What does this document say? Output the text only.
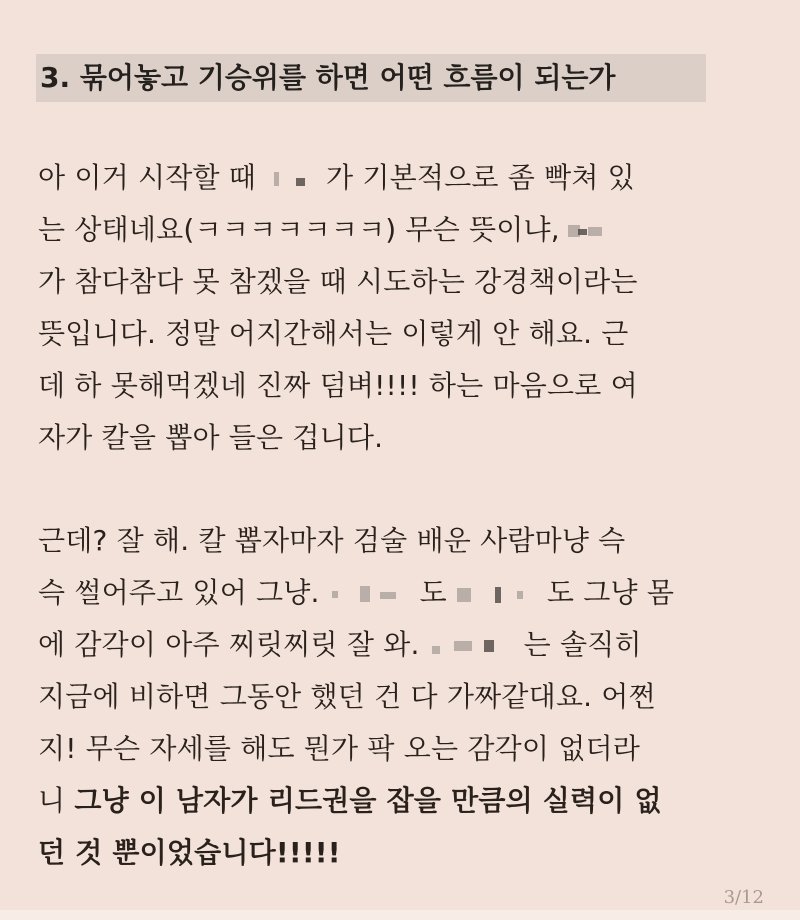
3. 묶어놓고 기승위를 하면 어떤 흐름이 되는가
아 이거 시작할 때	가 기본적으로 좀 빡쳐 있
는 상태네요(ㅋㅋㅋㅋㅋㅋㅋ) 무슨 뜻이냐,
가 참다참다 못 참겠을 때 시도하는 강경책이라는
뜻입니다. 정말 어지간해서는 이렇게 안 해요. 근
데 하 못해먹겠네 진짜 덤벼!!!! 하는 마음으로 여
자가 칼을 뽑아 들은 겁니다.
근데? 잘 해. 칼 뽑자마자 검술 배운 사람마냥 슥
슥 썰어주고 있어 그냥.	도	도 그냥 몸
에 감각이 아주 찌릿찌릿 잘 와.	는 솔직히
지금에 비하면 그동안 했던 건 다 가짜같대요. 어쩐
지! 무슨 자세를 해도 뭔가 팍 오는 감각이 없더라
니 그냥 이 남자가 리드권을 잡을 만큼의 실력이 없
던 것 뿐이었습니다!!!!!
3/12
